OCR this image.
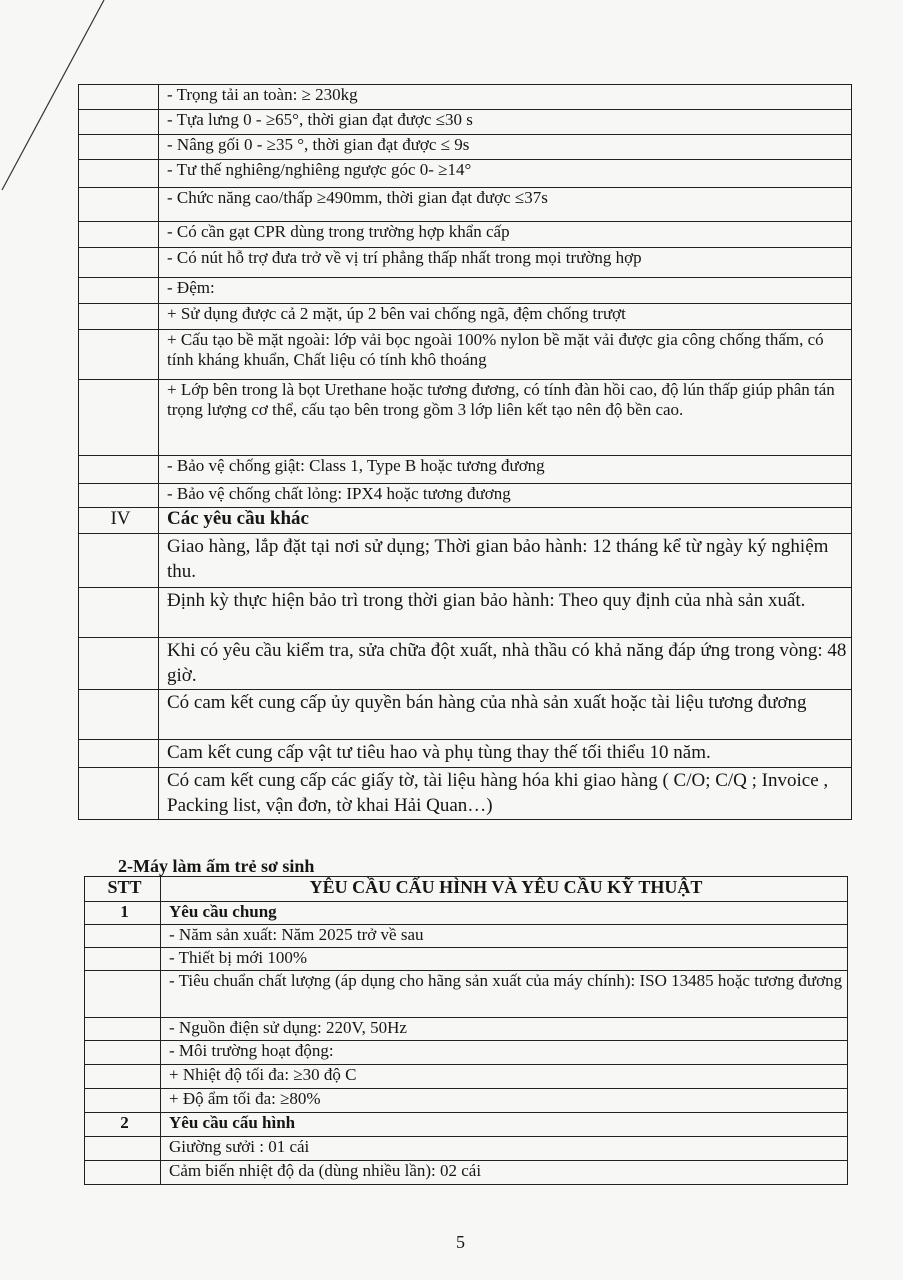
	- Trọng tải an toàn: ≥ 230kg
	- Tựa lưng 0 - ≥65°, thời gian đạt được ≤30 s
	- Nâng gối 0 - ≥35 °, thời gian đạt được ≤ 9s
	- Tư thế nghiêng/nghiêng ngược góc 0- ≥14°
	- Chức năng cao/thấp ≥490mm, thời gian đạt được ≤37s
	- Có cần gạt CPR dùng trong trường hợp khẩn cấp
	- Có nút hỗ trợ đưa trở về vị trí phẳng thấp nhất trong mọi trường hợp
	- Đệm:
	+ Sử dụng được cả 2 mặt, úp 2 bên vai chống ngã, đệm chống trượt
	+ Cấu tạo bề mặt ngoài: lớp vải bọc ngoài 100% nylon bề mặt vải được gia công chống thấm, có tính kháng khuẩn, Chất liệu có tính khô thoáng
	+ Lớp bên trong là bọt Urethane hoặc tương đương, có tính đàn hồi cao, độ lún thấp giúp phân tán trọng lượng cơ thể, cấu tạo bên trong gồm 3 lớp liên kết tạo nên độ bền cao.
	- Bảo vệ chống giật: Class 1, Type B hoặc tương đương
	- Bảo vệ chống chất lỏng: IPX4 hoặc tương đương
IV	Các yêu cầu khác
	Giao hàng, lắp đặt tại nơi sử dụng; Thời gian bảo hành: 12 tháng kể từ ngày ký nghiệm thu.
	Định kỳ thực hiện bảo trì trong thời gian bảo hành: Theo quy định của nhà sản xuất.
	Khi có yêu cầu kiểm tra, sửa chữa đột xuất, nhà thầu có khả năng đáp ứng trong vòng: 48 giờ.
	Có cam kết cung cấp ủy quyền bán hàng của nhà sản xuất hoặc tài liệu tương đương
	Cam kết cung cấp vật tư tiêu hao và phụ tùng thay thế tối thiểu 10 năm.
	Có cam kết cung cấp các giấy tờ, tài liệu hàng hóa khi giao hàng ( C/O; C/Q ; Invoice , Packing list, vận đơn, tờ khai Hải Quan…)
2-Máy làm ấm trẻ sơ sinh
STT	YÊU CẦU CẤU HÌNH VÀ YÊU CẦU KỸ THUẬT
1	Yêu cầu chung
	- Năm sản xuất: Năm 2025 trở về sau
	- Thiết bị mới 100%
	- Tiêu chuẩn chất lượng (áp dụng cho hãng sản xuất của máy chính): ISO 13485 hoặc tương đương
	- Nguồn điện sử dụng: 220V, 50Hz
	- Môi trường hoạt động:
	+ Nhiệt độ tối đa: ≥30 độ C
	+ Độ ẩm tối đa: ≥80%
2	Yêu cầu cấu hình
	Giường sưởi : 01 cái
	Cảm biến nhiệt độ da (dùng nhiều lần): 02 cái
5
